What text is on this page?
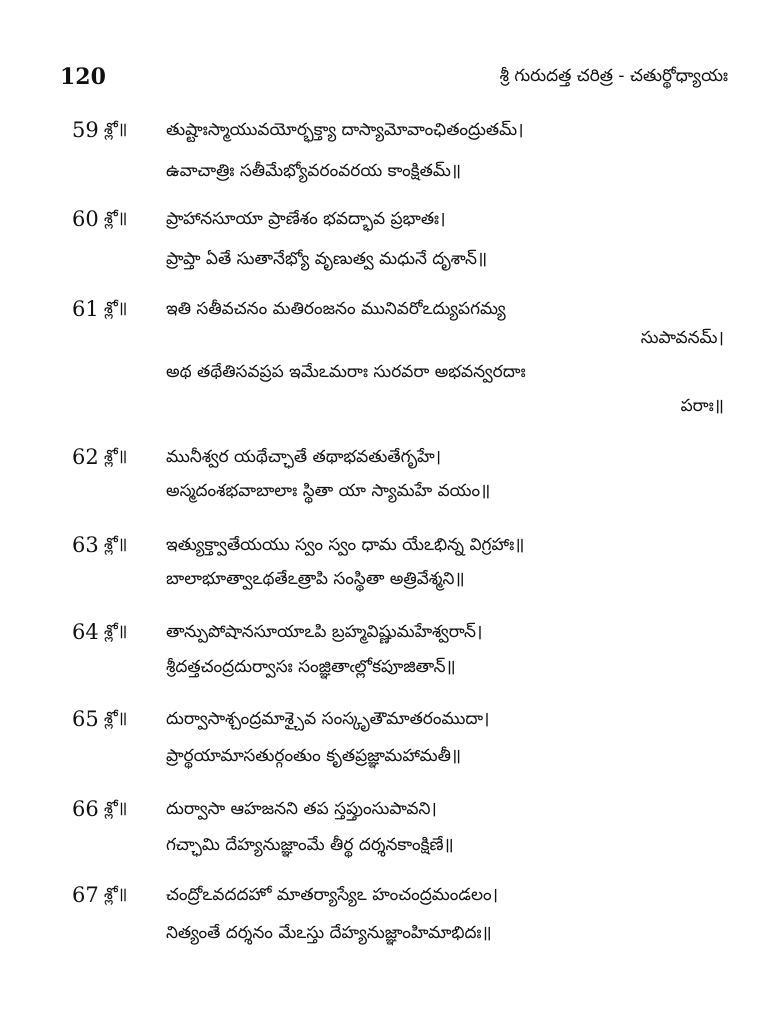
120	శ్రీ గురుదత్త చరిత్ర - చతుర్థోధ్యాయః
59 శ్లో॥ తుష్టాఃస్మాయువయోర్భక్త్యా దాస్యామోవాంఛితంద్రుతమ్।
ఉవాచాత్రిః సతీమేభ్యోవరంవరయ కాంక్షితమ్॥
60 శ్లో॥ ప్రాహానసూయా ప్రాణేశం భవద్భావ ప్రభాతః।
ప్రాప్తా ఏతే సుతానేభ్యో వృణుత్వ మధునే దృశాన్॥
61 శ్లో॥ ఇతి సతీవచనం మతిరంజనం మునివరోఽద్యుపగమ్య
సుపావనమ్।
అథ తథేతిసవప్రప ఇమేఽమరాః సురవరా అభవన్వరదాః
పరాః॥
62 శ్లో॥ మునీశ్వర యథేచ్ఛాతే తథాభవతుతేగృహే।
అస్మదంశభవాబాలాః స్థితా యా స్యామహే వయం॥
63 శ్లో॥ ఇత్యుక్త్వాతేయయు స్వం స్వం ధామ యేఽభిన్న విగ్రహాః॥
బాలాభూత్వాఽథతేఽత్రాపి సంస్థితా అత్రివేశ్మని॥
64 శ్లో॥ తాన్పుపోషానసూయాఽపి బ్రహ్మవిష్ణుమహేశ్వరాన్।
శ్రీదత్తచంద్రదుర్వాసః సంజ్ఞితాఁల్లోకపూజితాన్॥
65 శ్లో॥ దుర్వాసాశ్చంద్రమాశ్చైవ సంస్కృతౌమాతరంముదా।
ప్రార్థయామాసతుర్గంతుం కృతప్రజ్ఞామహామతీ॥
66 శ్లో॥ దుర్వాసా ఆహజనని తప స్తప్తుంసుపావని।
గచ్ఛామి దేహ్యనుజ్ఞాంమే తీర్థ దర్శనకాంక్షిణే॥
67 శ్లో॥ చంద్రోఽవదదహో మాతర్యాస్యేఽ హంచంద్రమండలం।
నిత్యంతే దర్శనం మేఽస్తు దేహ్యనుజ్ఞాంహిమాభిదః॥
